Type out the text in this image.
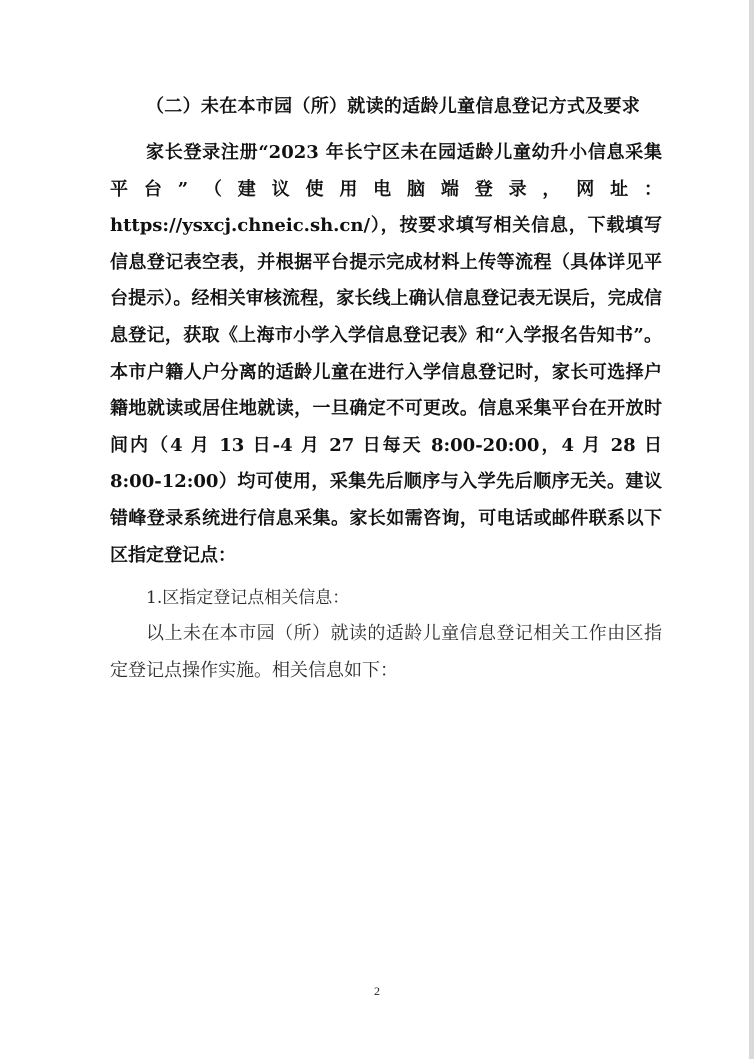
（二）未在本市园（所）就读的适龄儿童信息登记方式及要求

家长登录注册“2023 年长宁区未在园适龄儿童幼升小信息采集平台”（建议使用电脑端登录，网址：https://ysxcj.chneic.sh.cn/），按要求填写相关信息，下载填写信息登记表空表，并根据平台提示完成材料上传等流程（具体详见平台提示）。经相关审核流程，家长线上确认信息登记表无误后，完成信息登记，获取《上海市小学入学信息登记表》和“入学报名告知书”。本市户籍人户分离的适龄儿童在进行入学信息登记时，家长可选择户籍地就读或居住地就读，一旦确定不可更改。信息采集平台在开放时间内（4 月 13 日-4 月 27 日每天 8:00-20:00，4 月 28 日 8:00-12:00）均可使用，采集先后顺序与入学先后顺序无关。建议错峰登录系统进行信息采集。家长如需咨询，可电话或邮件联系以下区指定登记点：

1.区指定登记点相关信息：

以上未在本市园（所）就读的适龄儿童信息登记相关工作由区指定登记点操作实施。相关信息如下：

2
